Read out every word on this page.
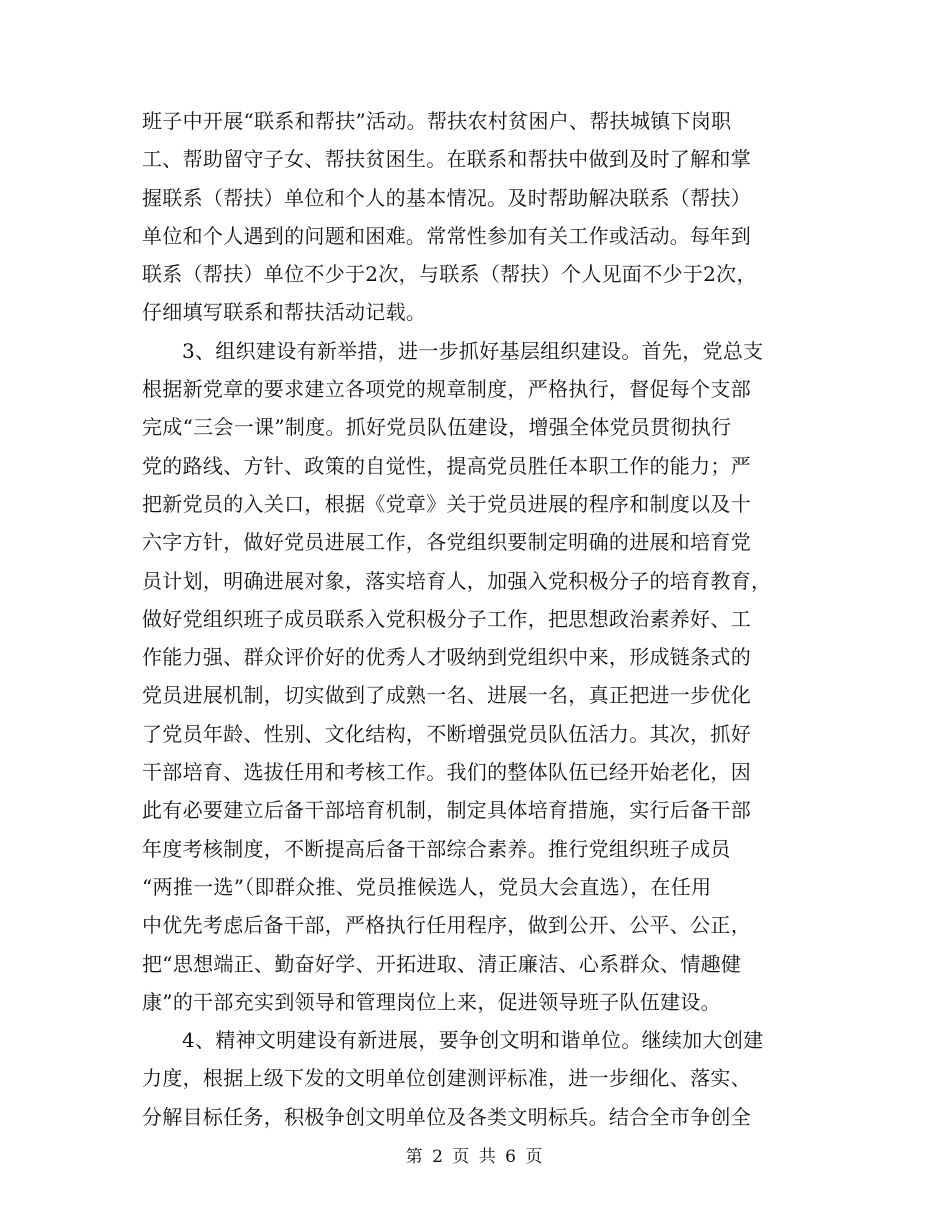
班子中开展“联系和帮扶”活动。帮扶农村贫困户、帮扶城镇下岗职
工、帮助留守子女、帮扶贫困生。在联系和帮扶中做到及时了解和掌
握联系（帮扶）单位和个人的基本情况。及时帮助解决联系（帮扶）
单位和个人遇到的问题和困难。常常性参加有关工作或活动。每年到
联系（帮扶）单位不少于2次，与联系（帮扶）个人见面不少于2次，
仔细填写联系和帮扶活动记载。
3、组织建设有新举措，进一步抓好基层组织建设。首先，党总支
根据新党章的要求建立各项党的规章制度，严格执行，督促每个支部
完成“三会一课”制度。抓好党员队伍建设，增强全体党员贯彻执行
党的路线、方针、政策的自觉性，提高党员胜任本职工作的能力；严
把新党员的入关口，根据《党章》关于党员进展的程序和制度以及十
六字方针，做好党员进展工作，各党组织要制定明确的进展和培育党
员计划，明确进展对象，落实培育人，加强入党积极分子的培育教育，
做好党组织班子成员联系入党积极分子工作，把思想政治素养好、工
作能力强、群众评价好的优秀人才吸纳到党组织中来，形成链条式的
党员进展机制，切实做到了成熟一名、进展一名，真正把进一步优化
了党员年龄、性别、文化结构，不断增强党员队伍活力。其次，抓好
干部培育、选拔任用和考核工作。我们的整体队伍已经开始老化，因
此有必要建立后备干部培育机制，制定具体培育措施，实行后备干部
年度考核制度，不断提高后备干部综合素养。推行党组织班子成员
“两推一选”（即群众推、党员推候选人，党员大会直选），在任用
中优先考虑后备干部，严格执行任用程序，做到公开、公平、公正，
把“思想端正、勤奋好学、开拓进取、清正廉洁、心系群众、情趣健
康”的干部充实到领导和管理岗位上来，促进领导班子队伍建设。
4、精神文明建设有新进展，要争创文明和谐单位。继续加大创建
力度，根据上级下发的文明单位创建测评标准，进一步细化、落实、
分解目标任务，积极争创文明单位及各类文明标兵。结合全市争创全
第 2 页 共 6 页
